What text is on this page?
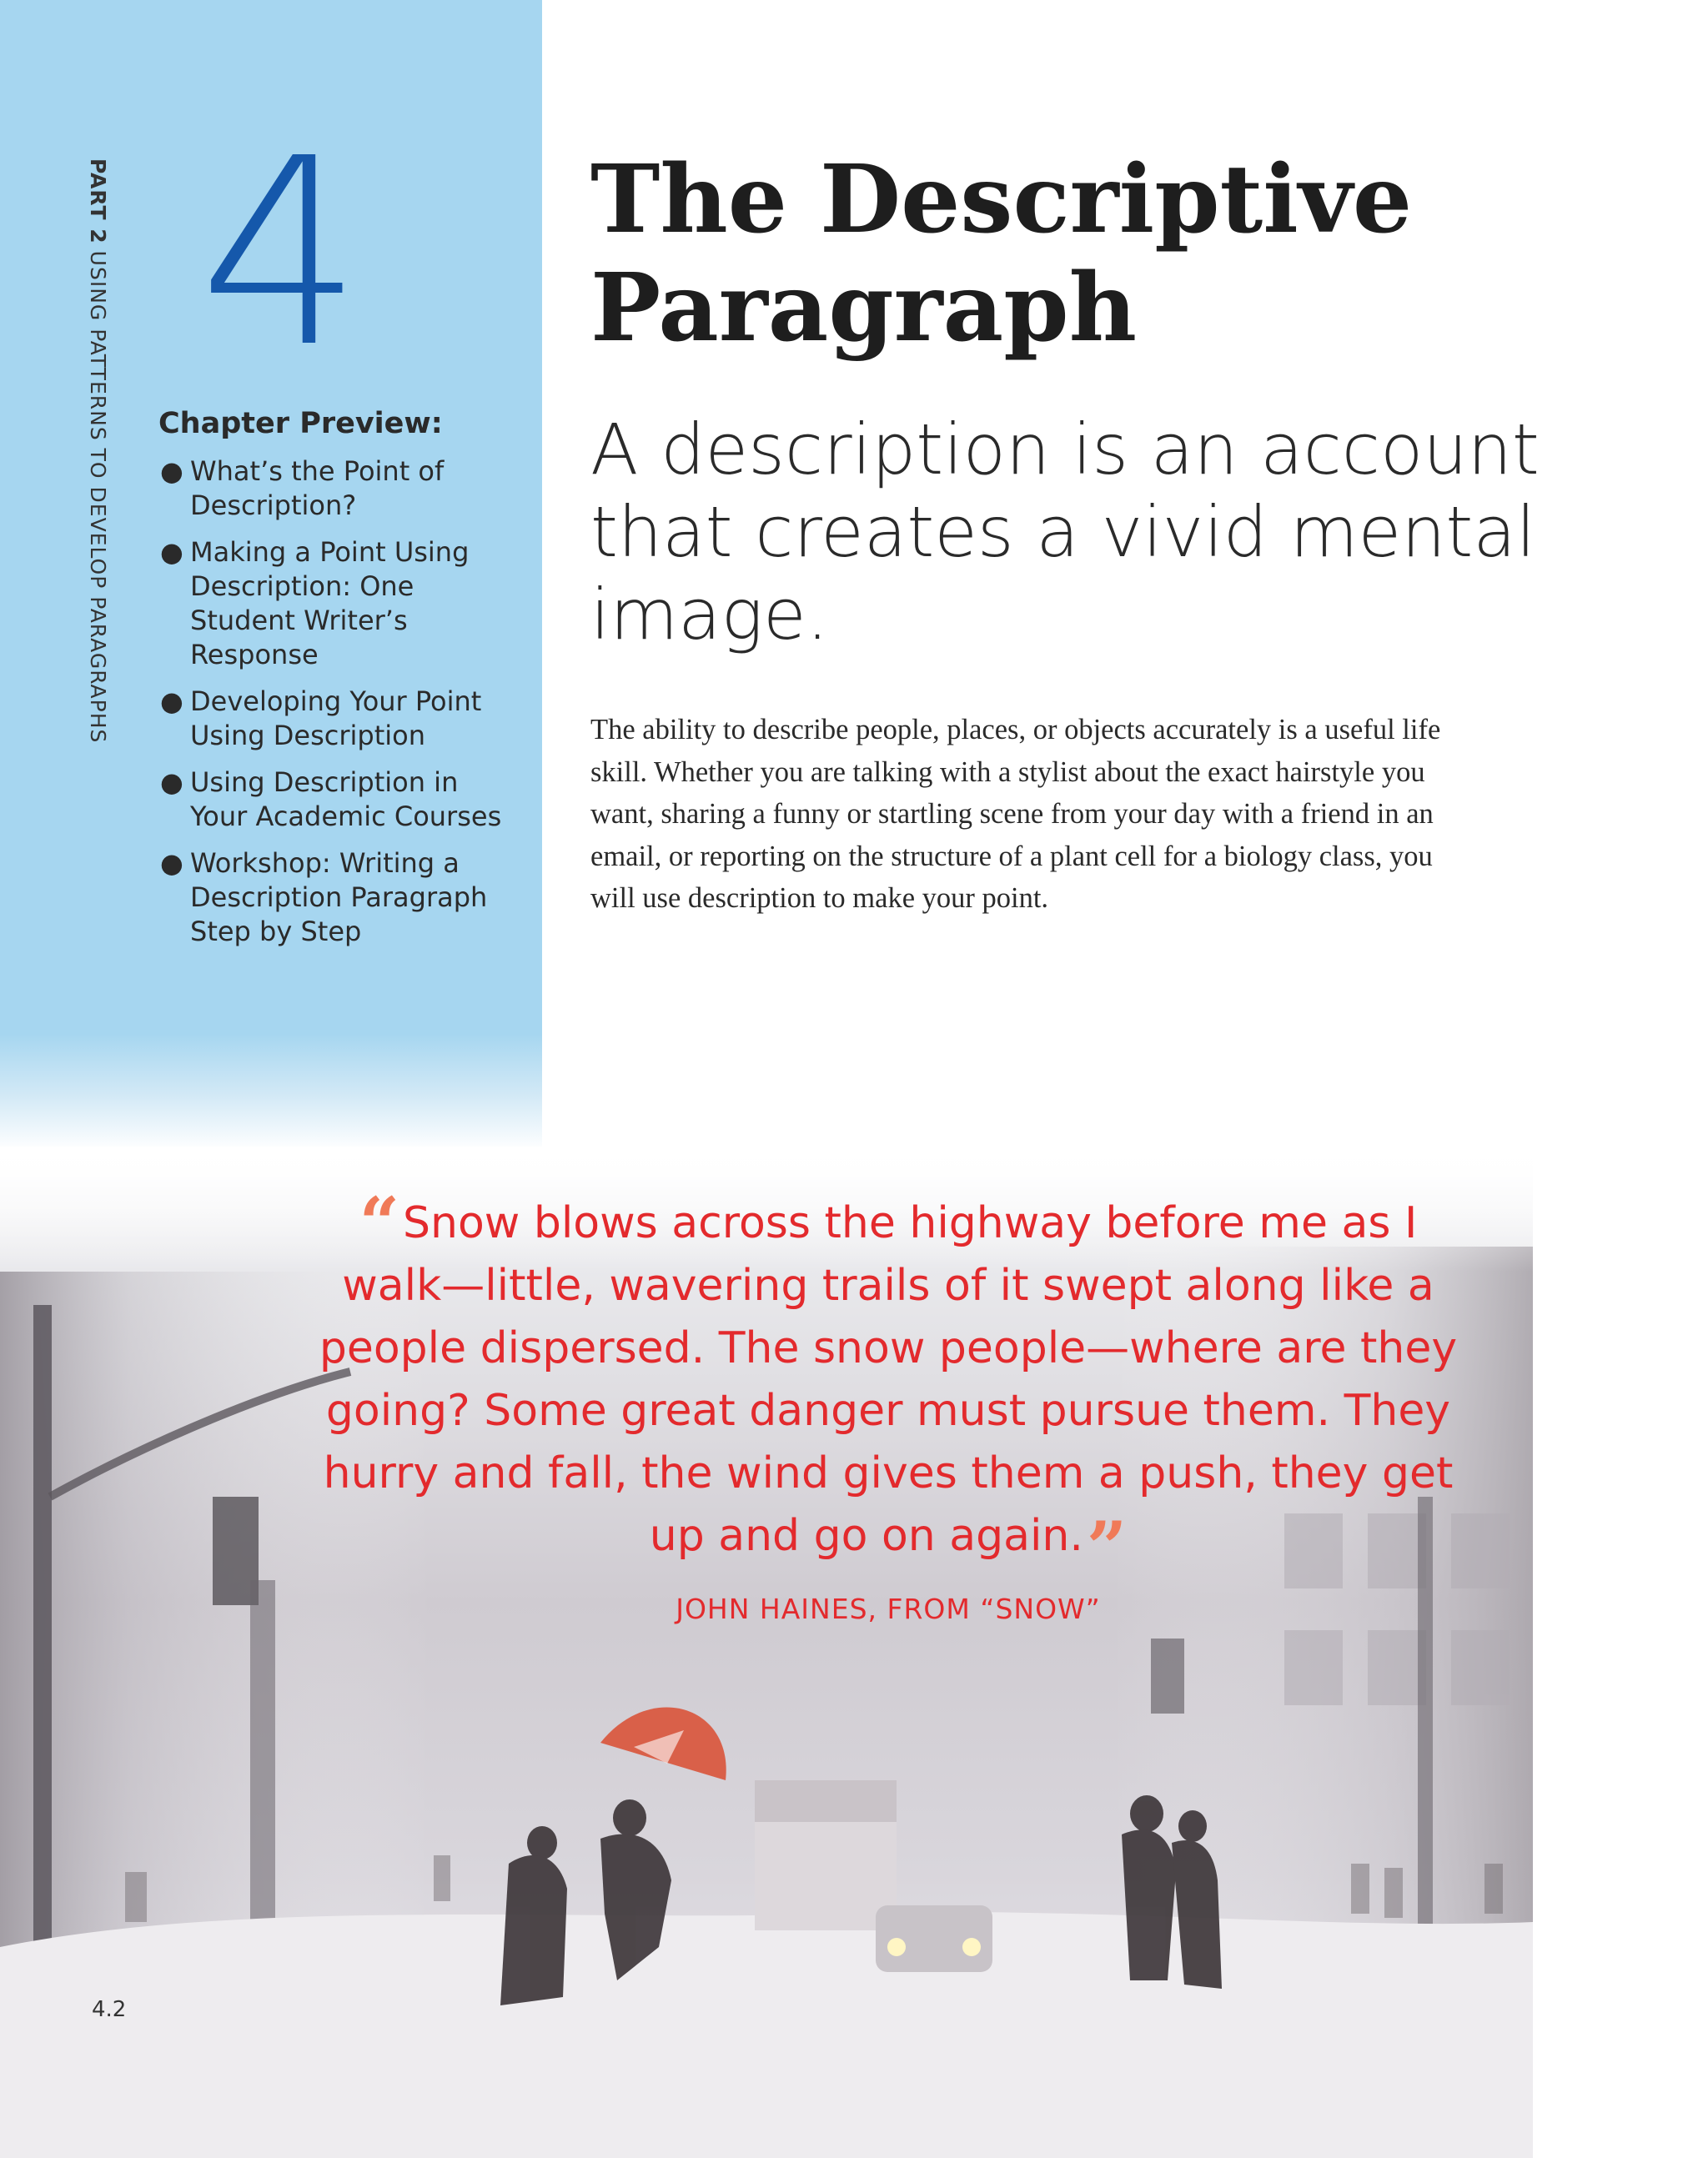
PART 2USING PATTERNS TO DEVELOP PARAGRAPHS 4
Chapter Preview:
● What’s the Point of Description?
● Making a Point Using Description: One Student Writer’s Response
● Developing Your Point Using Description
● Using Description in Your Academic Courses
● Workshop: Writing a Description Paragraph Step by Step
The Descriptive Paragraph

A description is an account that creates a vivid mental image.

The ability to describe people, places, or objects accurately is a useful life skill. Whether you are talking with a stylist about the exact hairstyle you want, sharing a funny or startling scene from your day with a friend in an email, or reporting on the structure of a plant cell for a biology class, you will use description to make your point.

“Snow blows across the highway before me as I walk—little, wavering trails of it swept along like a people dispersed. The snow people—where are they going? Some great danger must pursue them. They hurry and fall, the wind gives them a push, they get up and go on again.”

JOHN HAINES, FROM “SNOW”

4.2
